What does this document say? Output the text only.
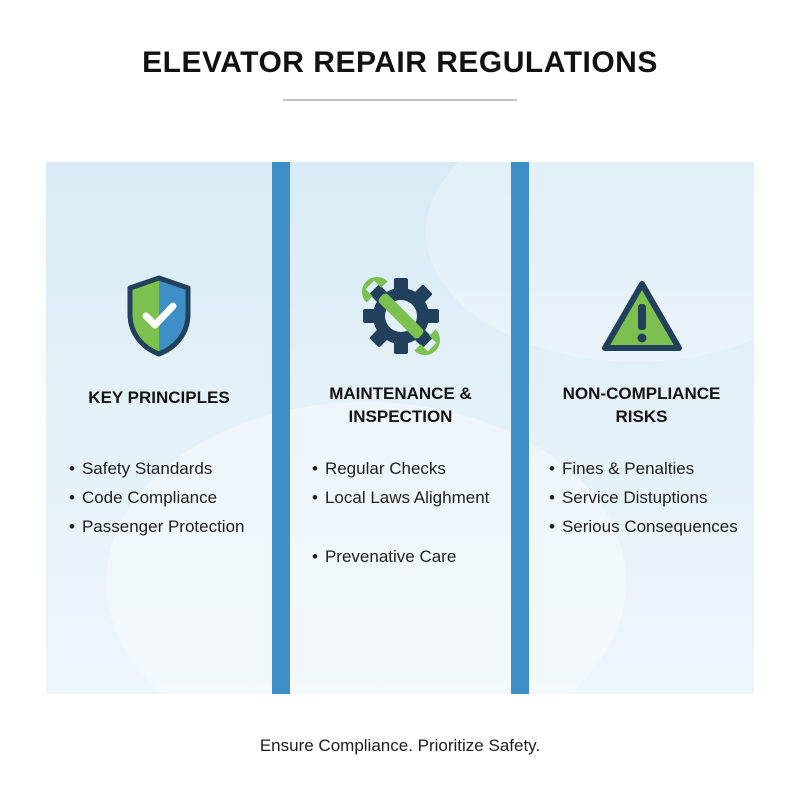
ELEVATOR REPAIR REGULATIONS
KEY PRINCIPLES
• Safety Standards
• Code Compliance
• Passenger Protection
MAINTENANCE &
INSPECTION
• Regular Checks
• Local Laws Alighment
• Prevenative Care
NON-COMPLIANCE
RISKS
• Fines & Penalties
• Service Distuptions
• Serious Consequences
Ensure Compliance. Prioritize Safety.
